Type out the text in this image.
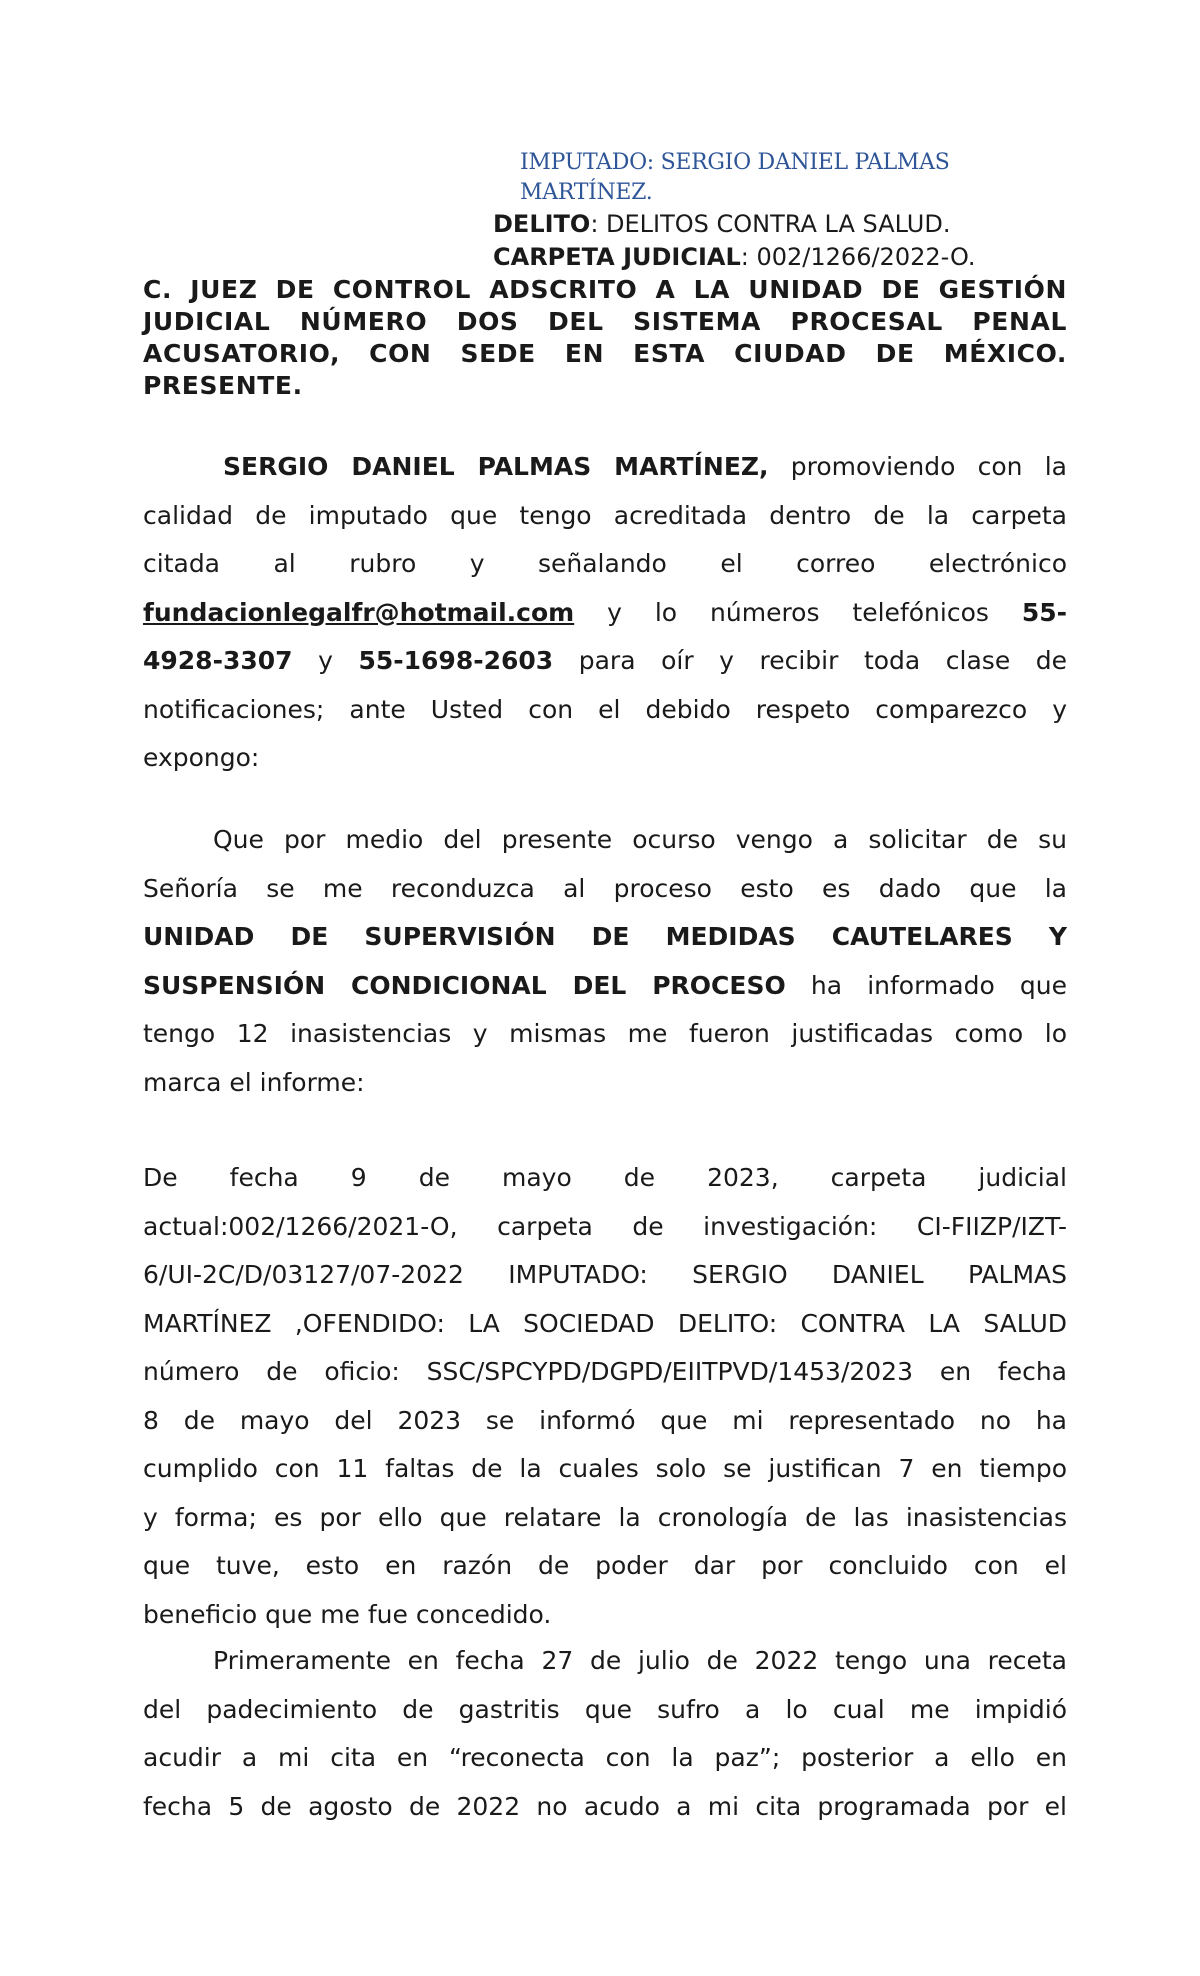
IMPUTADO: SERGIO DANIEL PALMAS MARTÍNEZ.
DELITO: DELITOS CONTRA LA SALUD.
CARPETA JUDICIAL: 002/1266/2022-O.
C. JUEZ DE CONTROL ADSCRITO A LA UNIDAD DE GESTIÓN
JUDICIAL NÚMERO DOS DEL SISTEMA PROCESAL PENAL
ACUSATORIO, CON SEDE EN ESTA CIUDAD DE MÉXICO.
PRESENTE.
SERGIO DANIEL PALMAS MARTÍNEZ, promoviendo con la
calidad de imputado que tengo acreditada dentro de la carpeta
citada al rubro y señalando el correo electrónico
fundacionlegalfr@hotmail.com y lo números telefónicos 55-
4928-3307 y 55-1698-2603 para oír y recibir toda clase de
notificaciones; ante Usted con el debido respeto comparezco y
expongo:
Que por medio del presente ocurso vengo a solicitar de su
Señoría se me reconduzca al proceso esto es dado que la
UNIDAD DE SUPERVISIÓN DE MEDIDAS CAUTELARES Y
SUSPENSIÓN CONDICIONAL DEL PROCESO ha informado que
tengo 12 inasistencias y mismas me fueron justificadas como lo
marca el informe:
De fecha 9 de mayo de 2023, carpeta judicial
actual:002/1266/2021-O, carpeta de investigación: CI-FIIZP/IZT-
6/UI-2C/D/03127/07-2022 IMPUTADO: SERGIO DANIEL PALMAS
MARTÍNEZ ,OFENDIDO: LA SOCIEDAD DELITO: CONTRA LA SALUD
número de oficio: SSC/SPCYPD/DGPD/EIITPVD/1453/2023 en fecha
8 de mayo del 2023 se informó que mi representado no ha
cumplido con 11 faltas de la cuales solo se justifican 7 en tiempo
y forma; es por ello que relatare la cronología de las inasistencias
que tuve, esto en razón de poder dar por concluido con el
beneficio que me fue concedido.
Primeramente en fecha 27 de julio de 2022 tengo una receta
del padecimiento de gastritis que sufro a lo cual me impidió
acudir a mi cita en “reconecta con la paz”; posterior a ello en
fecha 5 de agosto de 2022 no acudo a mi cita programada por el
